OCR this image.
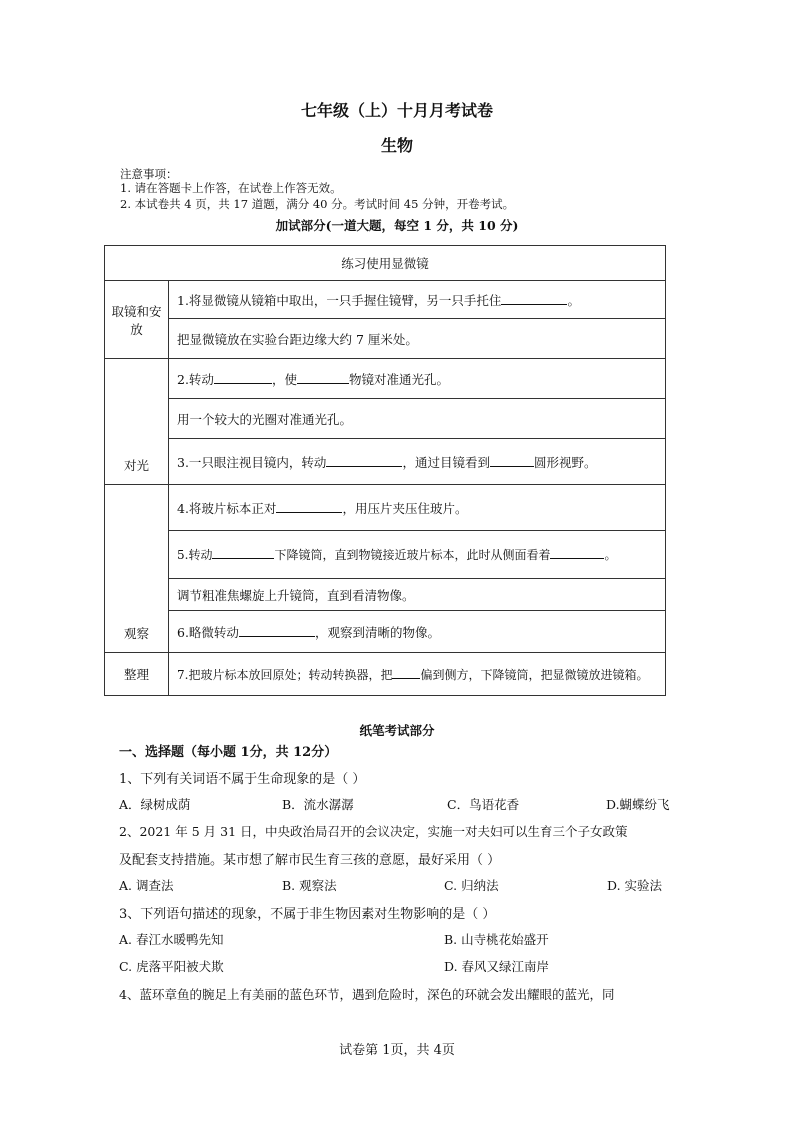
七年级（上）十月月考试卷
生物
注意事项：
1. 请在答题卡上作答，在试卷上作答无效。
2. 本试卷共 4 页，共 17 道题，满分 40 分。考试时间 45 分钟，开卷考试。
加试部分(一道大题，每空 1 分，共 10 分)
练习使用显微镜	
取镜和安放	1.将显微镜从镜箱中取出，一只手握住镜臂，另一只手托住 。
	把显微镜放在实验台距边缘大约 7 厘米处。
对光	2.转动 ，使 物镜对准通光孔。
	用一个较大的光圈对准通光孔。
	3.一只眼注视目镜内，转动 ，通过目镜看到 圆形视野。
观察	4.将玻片标本正对 ，用压片夹压住玻片。
	5.转动 下降镜筒，直到物镜接近玻片标本，此时从侧面看着 。
	调节粗准焦螺旋上升镜筒，直到看清物像。
	6.略微转动 ，观察到清晰的物像。
整理	7.把玻片标本放回原处；转动转换器，把 偏到侧方，下降镜筒，把显微镜放进镜箱。
纸笔考试部分
一、选择题（每小题 1分，共 12分）
1、下列有关词语不属于生命现象的是（ ）
A．绿树成荫	B．流水潺潺	C．鸟语花香	D.蝴蝶纷飞
2、2021 年 5 月 31 日，中央政治局召开的会议决定，实施一对夫妇可以生育三个子女政策
及配套支持措施。某市想了解市民生育三孩的意愿，最好采用（ ）
A. 调查法	B. 观察法	C. 归纳法	D. 实验法
3、下列语句描述的现象，不属于非生物因素对生物影响的是（ ）
A. 春江水暖鸭先知	B. 山寺桃花始盛开
C. 虎落平阳被犬欺	D. 春风又绿江南岸
4、蓝环章鱼的腕足上有美丽的蓝色环节，遇到危险时，深色的环就会发出耀眼的蓝光，同
试卷第 1页，共 4页
